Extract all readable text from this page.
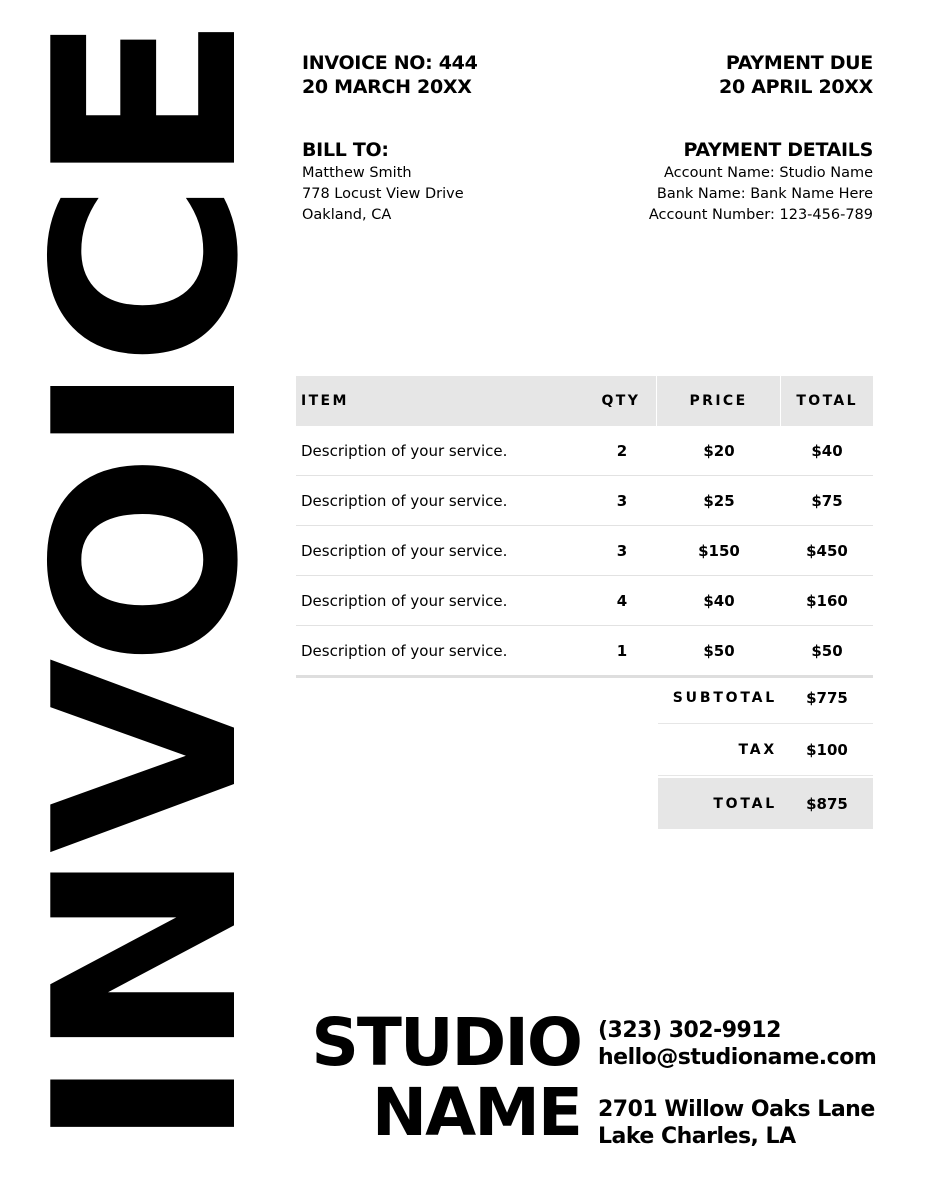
INVOICE INVOICE NO: 444
20 MARCH 20XX
PAYMENT DUE
20 APRIL 20XX
BILL TO:
Matthew Smith
778 Locust View Drive
Oakland, CA
PAYMENT DETAILS
Account Name: Studio Name
Bank Name: Bank Name Here
Account Number: 123-456-789
ITEM	QTY	PRICE	TOTAL
Description of your service.	2	$20	$40
Description of your service.	3	$25	$75
Description of your service.	3	$150	$450
Description of your service.	4	$40	$160
Description of your service.	1	$50	$50
SUBTOTAL	$775
TAX	$100
TOTAL	$875
STUDIO
NAME
(323) 302-9912
hello@studioname.com
2701 Willow Oaks Lane
Lake Charles, LA
